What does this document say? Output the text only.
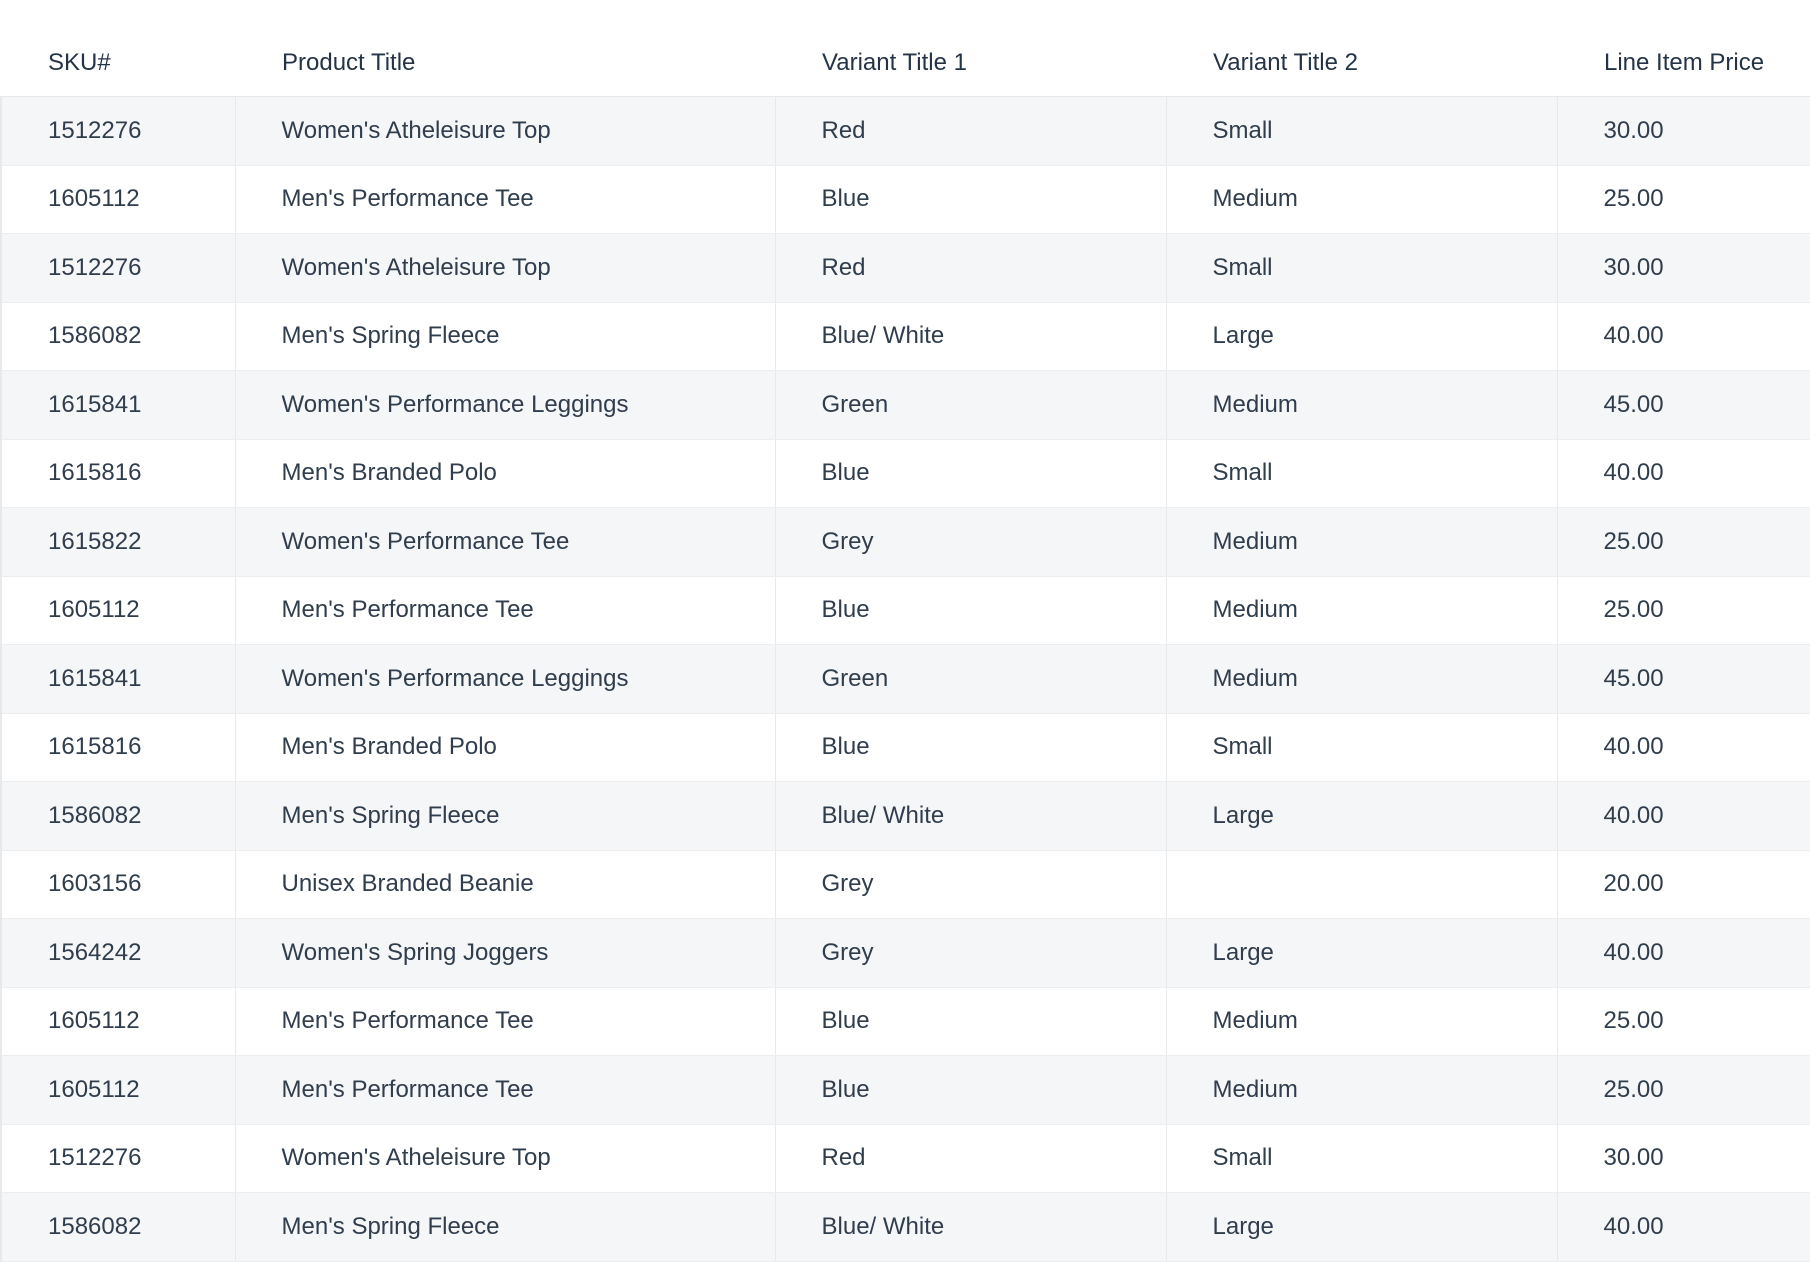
SKU#	Product Title	Variant Title 1	Variant Title 2	Line Item Price
1512276	Women's Atheleisure Top	Red	Small	30.00
1605112	Men's Performance Tee	Blue	Medium	25.00
1512276	Women's Atheleisure Top	Red	Small	30.00
1586082	Men's Spring Fleece	Blue/ White	Large	40.00
1615841	Women's Performance Leggings	Green	Medium	45.00
1615816	Men's Branded Polo	Blue	Small	40.00
1615822	Women's Performance Tee	Grey	Medium	25.00
1605112	Men's Performance Tee	Blue	Medium	25.00
1615841	Women's Performance Leggings	Green	Medium	45.00
1615816	Men's Branded Polo	Blue	Small	40.00
1586082	Men's Spring Fleece	Blue/ White	Large	40.00
1603156	Unisex Branded Beanie	Grey		20.00
1564242	Women's Spring Joggers	Grey	Large	40.00
1605112	Men's Performance Tee	Blue	Medium	25.00
1605112	Men's Performance Tee	Blue	Medium	25.00
1512276	Women's Atheleisure Top	Red	Small	30.00
1586082	Men's Spring Fleece	Blue/ White	Large	40.00
